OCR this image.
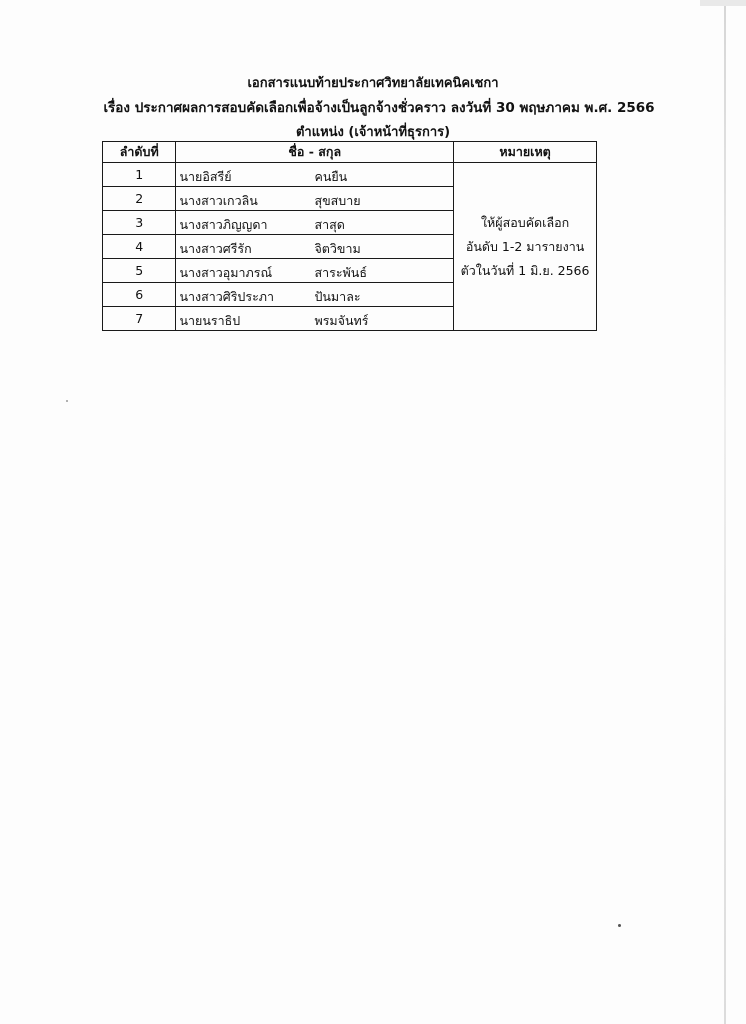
เอกสารแนบท้ายประกาศวิทยาลัยเทคนิคเชกา
เรื่อง ประกาศผลการสอบคัดเลือกเพื่อจ้างเป็นลูกจ้างชั่วคราว ลงวันที่ 30 พฤษภาคม พ.ศ. 2566
ตำแหน่ง (เจ้าหน้าที่ธุรการ)
ลำดับที่	ชื่อ - สกุล	หมายเหตุ
1	นายอิสรีย์ คนยืน	ให้ผู้สอบคัดเลือก
อันดับ 1-2 มารายงาน
ตัวในวันที่ 1 มิ.ย. 2566

2	นางสาวเกวลิน สุขสบาย	

3	นางสาวภิญญดา สาสุด	

4	นางสาวศรีรัก จิตวิขาม	

5	นางสาวอุมาภรณ์ สาระพันธ์	

6	นางสาวศิริประภา ปันมาละ	

7	นายนราธิป พรมจันทร์	
